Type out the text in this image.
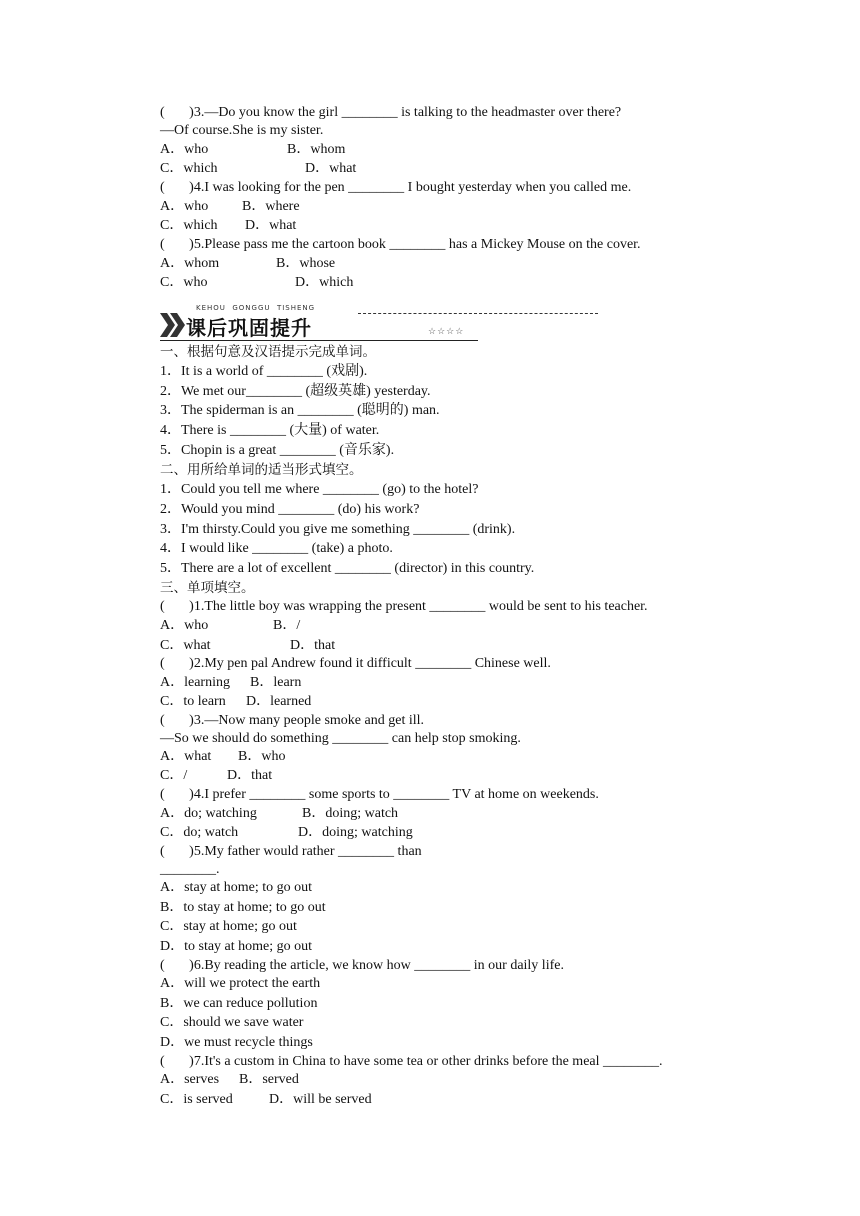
(       )3.—Do you know the girl ________ is talking to the headmaster over there?
—Of course.She is my sister.

A．who

	B．whom

C．which

	D．what

(       )4.I was looking for the pen ________ I bought yesterday when you called me.

A．who

B．where

C．which

D．what

(       )5.Please pass me the cartoon book ________ has a Mickey Mouse on the cover.

A．whom

	B．whose

C．who

	D．which

KEHOU  GONGGU  TISHENG
课后巩固提升	☆☆☆☆
一、根据句意及汉语提示完成单词。
1．It is a world of ________ (戏剧).
2．We met our________ (超级英雄) yesterday.
3．The spiderman is an ________ (聪明的) man.
4．There is ________ (大量) of water.
5．Chopin is a great ________ (音乐家).
二、用所给单词的适当形式填空。
1．Could you tell me where ________ (go) to the hotel?
2．Would you mind ________ (do) his work?
3．I'm thirsty.Could you give me something ________ (drink).
4．I would like ________ (take) a photo.
5．There are a lot of excellent ________ (director) in this country.
三、单项填空。
(       )1.The little boy was wrapping the present ________ would be sent to his teacher.

A．who

	B．/

C．what

	D．that

(       )2.My pen pal Andrew found it difficult ________ Chinese well.

A．learning

B．learn

C．to learn

D．learned

(       )3.—Now many people smoke and get ill.
—So we should do something ________ can help stop smoking.

A．what

B．who

C．/

	D．that

(       )4.I prefer ________ some sports to ________ TV at home on weekends.

A．do; watching

	B．doing; watch

C．do; watch

	D．doing; watching

(       )5.My father would rather ________ than
________.
A．stay at home; to go out
B．to stay at home; to go out
C．stay at home; go out
D．to stay at home; go out
(       )6.By reading the article, we know how ________ in our daily life.
A．will we protect the earth
B．we can reduce pollution
C．should we save water
D．we must recycle things
(       )7.It's a custom in China to have some tea or other drinks before the meal ________.

A．serves

B．served

C．is served

	D．will be served
